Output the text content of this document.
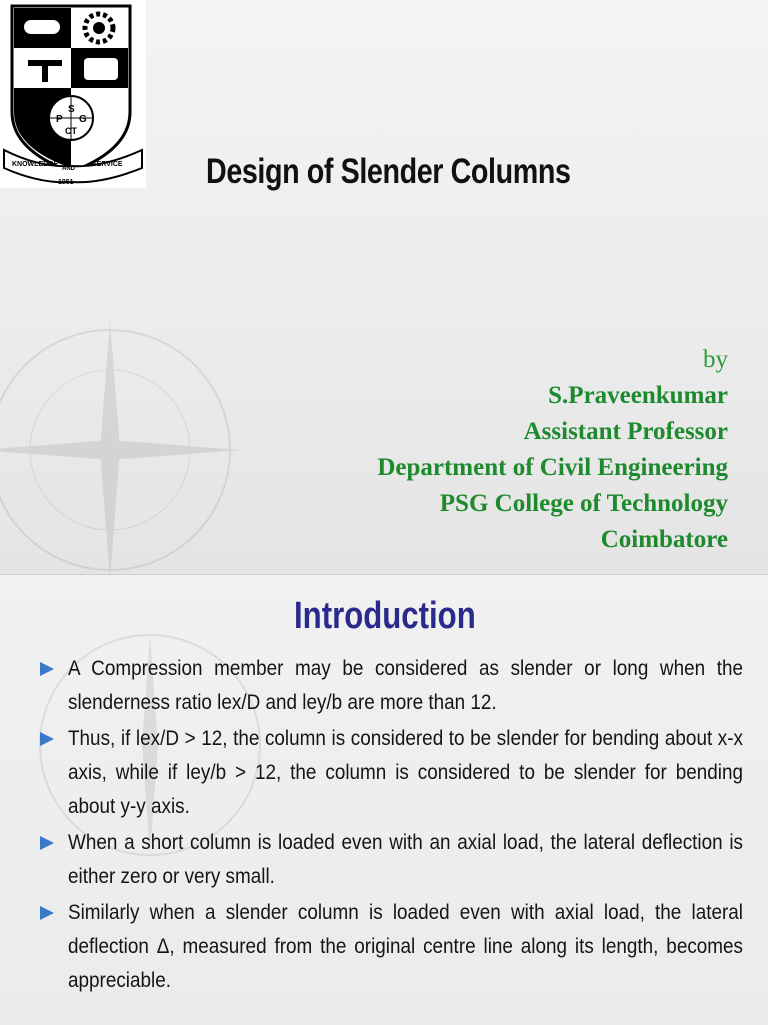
S
P G
CT
KNOWLEDGE
AND
SERVICE
1951	Design of Slender Columns
by
S.Praveenkumar
Assistant Professor
Department of Civil Engineering
PSG College of Technology
Coimbatore
Introduction
A Compression member may be considered as slender or long when the slenderness ratio lex/D and ley/b are more than 12.
Thus, if lex/D > 12, the column is considered to be slender for bending about x-x axis, while if ley/b > 12, the column is considered to be slender for bending about y-y axis.
When a short column is loaded even with an axial load, the lateral deflection is either zero or very small.
Similarly when a slender column is loaded even with axial load, the lateral deflection Δ, measured from the original centre line along its length, becomes appreciable.
